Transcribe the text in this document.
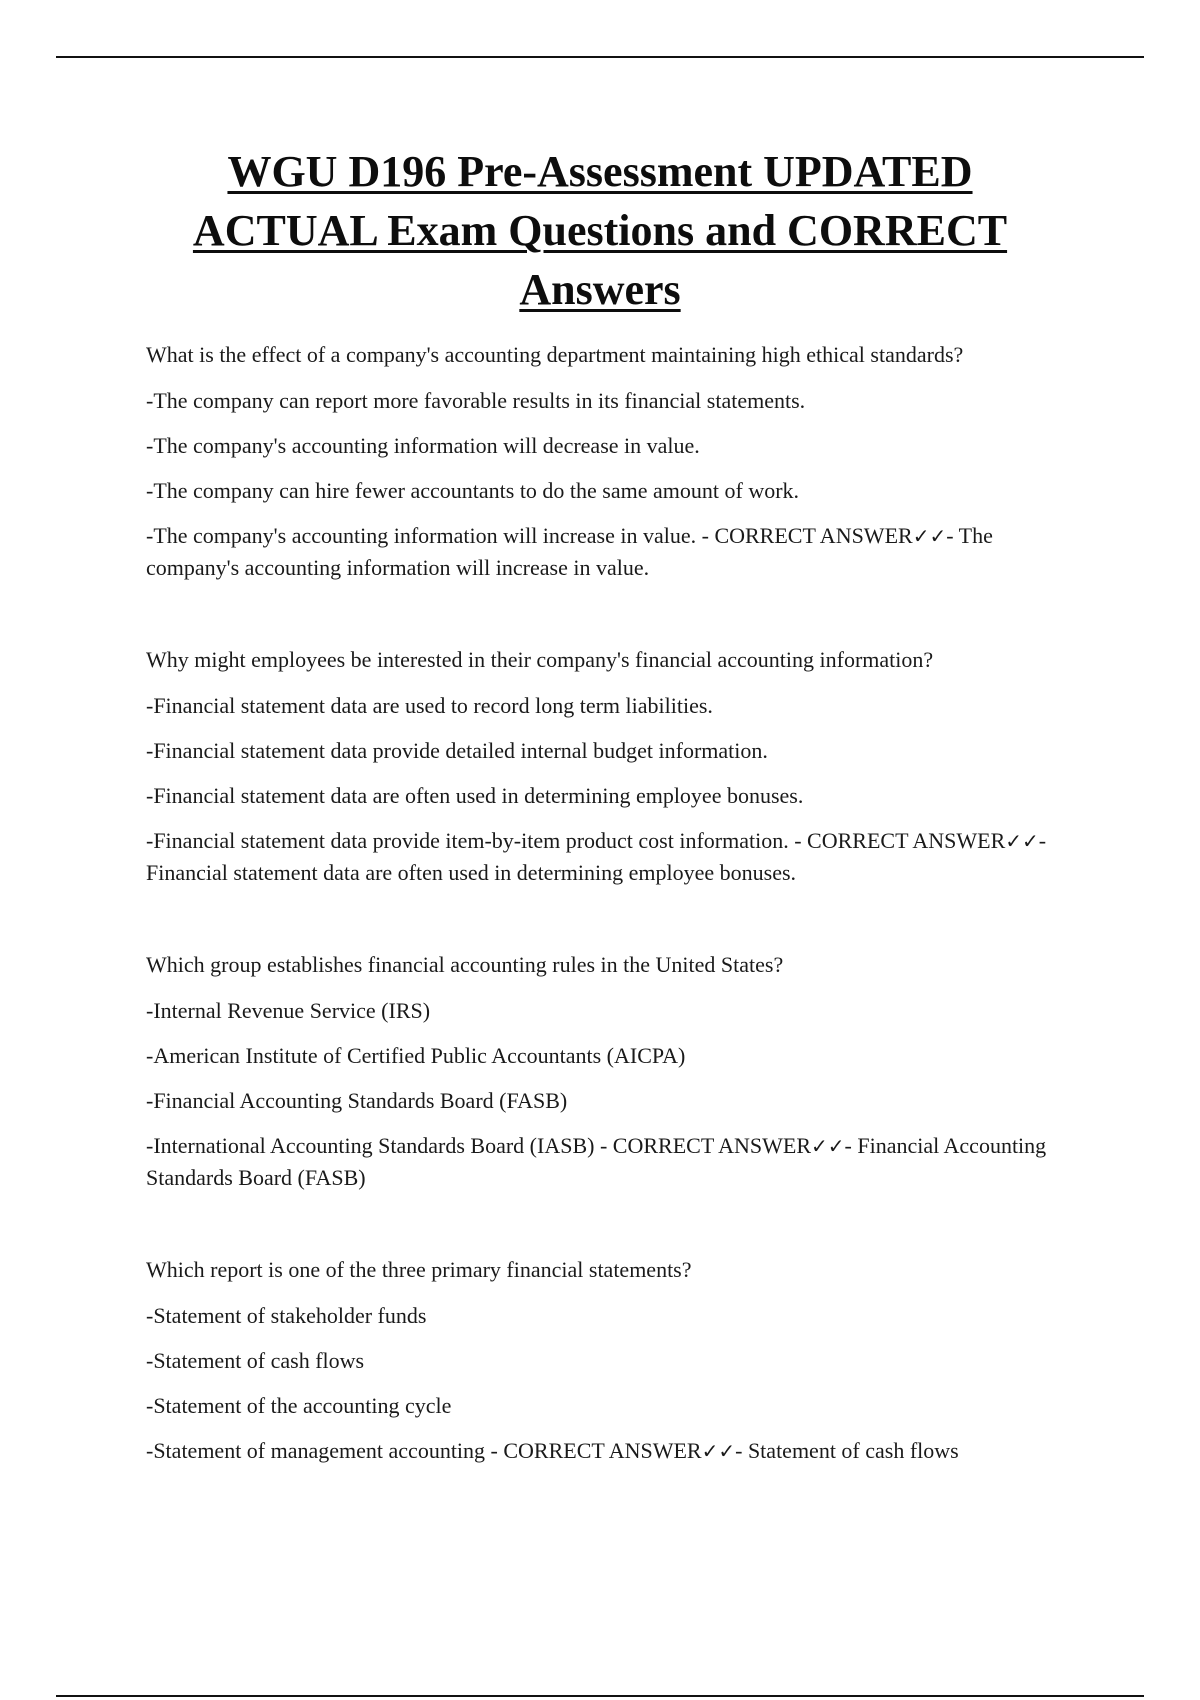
WGU D196 Pre-Assessment UPDATED
ACTUAL Exam Questions and CORRECT
Answers

What is the effect of a company's accounting department maintaining high ethical standards?

-The company can report more favorable results in its financial statements.

-The company's accounting information will decrease in value.

-The company can hire fewer accountants to do the same amount of work.

-The company's accounting information will increase in value. - CORRECT ANSWER✓✓- The company's accounting information will increase in value.

Why might employees be interested in their company's financial accounting information?

-Financial statement data are used to record long term liabilities.

-Financial statement data provide detailed internal budget information.

-Financial statement data are often used in determining employee bonuses.

-Financial statement data provide item-by-item product cost information. - CORRECT ANSWER✓✓- Financial statement data are often used in determining employee bonuses.

Which group establishes financial accounting rules in the United States?

-Internal Revenue Service (IRS)

-American Institute of Certified Public Accountants (AICPA)

-Financial Accounting Standards Board (FASB)

-International Accounting Standards Board (IASB) - CORRECT ANSWER✓✓- Financial Accounting Standards Board (FASB)

Which report is one of the three primary financial statements?

-Statement of stakeholder funds

-Statement of cash flows

-Statement of the accounting cycle

-Statement of management accounting - CORRECT ANSWER✓✓- Statement of cash flows
